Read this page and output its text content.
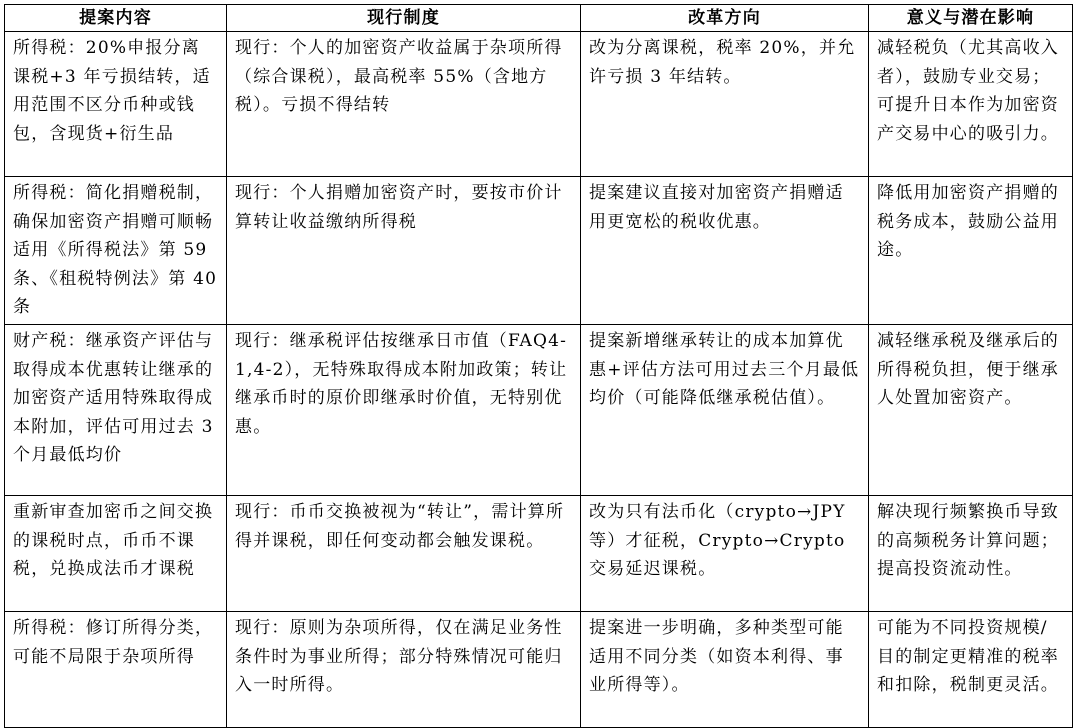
提案内容	现行制度	改革方向	意义与潜在影响
所得税：20%申报分离课税+3 年亏损结转，适用范围不区分币种或钱包，含现货+衍生品	现行：个人的加密资产收益属于杂项所得（综合课税），最高税率 55%（含地方税）。亏损不得结转	改为分离课税，税率 20%，并允许亏损 3 年结转。	减轻税负（尤其高收入者），鼓励专业交易；可提升日本作为加密资产交易中心的吸引力。
所得税：简化捐赠税制，确保加密资产捐赠可顺畅适用《所得税法》第 59 条、《租税特例法》第 40 条	现行：个人捐赠加密资产时，要按市价计算转让收益缴纳所得税	提案建议直接对加密资产捐赠适用更宽松的税收优惠。	降低用加密资产捐赠的税务成本，鼓励公益用途。
财产税：继承资产评估与取得成本优惠转让继承的加密资产适用特殊取得成本附加，评估可用过去 3 个月最低均价	现行：继承税评估按继承日市值（FAQ4-1,4-2），无特殊取得成本附加政策；转让继承币时的原价即继承时价值，无特别优惠。	提案新增继承转让的成本加算优惠+评估方法可用过去三个月最低均价（可能降低继承税估值）。	减轻继承税及继承后的所得税负担，便于继承人处置加密资产。
重新审查加密币之间交换的课税时点，币币不课税，兑换成法币才课税	现行：币币交换被视为“转让”，需计算所得并课税，即任何变动都会触发课税。	改为只有法币化（crypto→JPY 等）才征税，Crypto→Crypto 交易延迟课税。	解决现行频繁换币导致的高频税务计算问题；提高投资流动性。
所得税：修订所得分类，可能不局限于杂项所得	现行：原则为杂项所得，仅在满足业务性条件时为事业所得；部分特殊情况可能归入一时所得。	提案进一步明确，多种类型可能适用不同分类（如资本利得、事业所得等）。	可能为不同投资规模/目的制定更精准的税率和扣除，税制更灵活。
